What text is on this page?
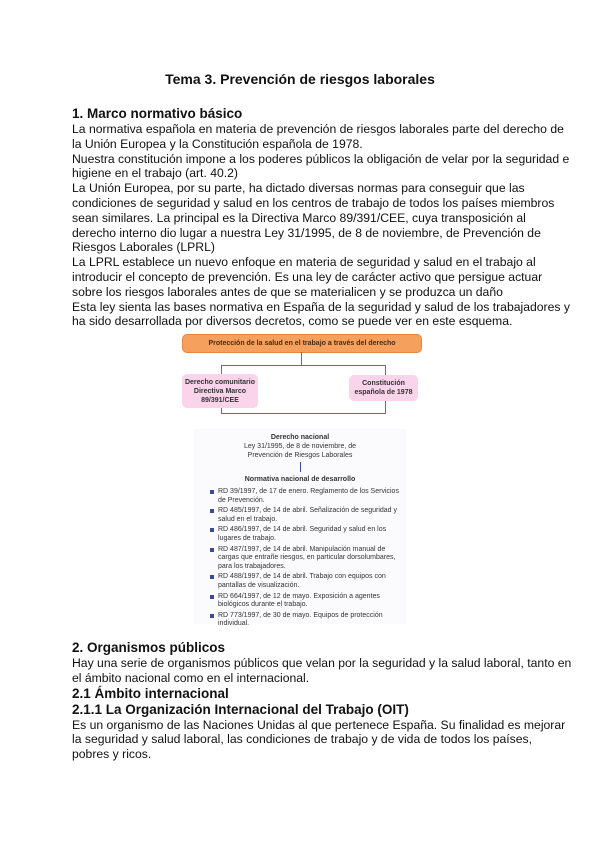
Tema 3. Prevención de riesgos laborales
1. Marco normativo básico
La normativa española en materia de prevención de riesgos laborales parte del derecho de
la Unión Europea y la Constitución española de 1978.
Nuestra constitución impone a los poderes públicos la obligación de velar por la seguridad e
higiene en el trabajo (art. 40.2)
La Unión Europea, por su parte, ha dictado diversas normas para conseguir que las
condiciones de seguridad y salud en los centros de trabajo de todos los países miembros
sean similares. La principal es la Directiva Marco 89/391/CEE, cuya transposición al
derecho interno dio lugar a nuestra Ley 31/1995, de 8 de noviembre, de Prevención de
Riesgos Laborales (LPRL)
La LPRL establece un nuevo enfoque en materia de seguridad y salud en el trabajo al
introducir el concepto de prevención. Es una ley de carácter activo que persigue actuar
sobre los riesgos laborales antes de que se materialicen y se produzca un daño
Esta ley sienta las bases normativa en España de la seguridad y salud de los trabajadores y
ha sido desarrollada por diversos decretos, como se puede ver en este esquema.
Protección de la salud en el trabajo a través del derecho
Derecho comunitario
Directiva Marco 89/391/CEE
Constitución española de 1978
Derecho nacional
Ley 31/1995, de 8 de noviembre, de Prevención de Riesgos Laborales
Normativa nacional de desarrollo
RD 39/1997, de 17 de enero. Reglamento de los Servicios de Prevención.
RD 485/1997, de 14 de abril. Señalización de seguridad y salud en el trabajo.
RD 486/1997, de 14 de abril. Seguridad y salud en los lugares de trabajo.
RD 487/1997, de 14 de abril. Manipulación manual de cargas que entrañe riesgos, en particular dorsolumbares, para los trabajadores.
RD 488/1997, de 14 de abril. Trabajo con equipos con pantallas de visualización.
RD 664/1997, de 12 de mayo. Exposición a agentes biológicos durante el trabajo.
RD 773/1997, de 30 de mayo. Equipos de protección individual.
2. Organismos públicos
Hay una serie de organismos públicos que velan por la seguridad y la salud laboral, tanto en
el ámbito nacional como en el internacional.
2.1 Ámbito internacional
2.1.1 La Organización Internacional del Trabajo (OIT)
Es un organismo de las Naciones Unidas al que pertenece España. Su finalidad es mejorar
la seguridad y salud laboral, las condiciones de trabajo y de vida de todos los países,
pobres y ricos.
